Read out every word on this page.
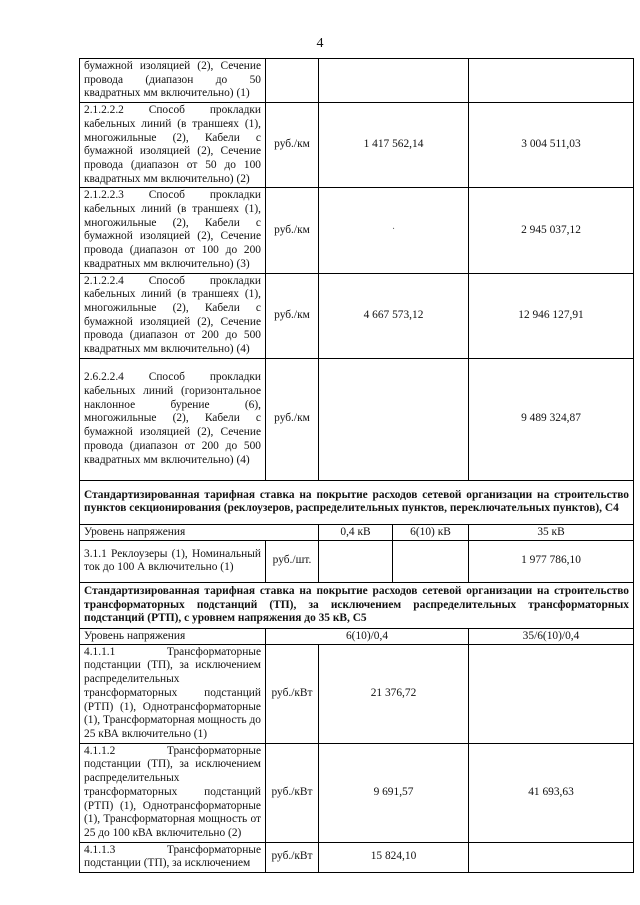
4
бумажной изоляцией (2), Сечение провода (диапазон до 50 квадратных мм включительно) (1)				
2.1.2.2.2 Способ прокладки кабельных линий (в траншеях (1), многожильные (2), Кабели с бумажной изоляцией (2), Сечение провода (диапазон от 50 до 100 квадратных мм включительно) (2)	руб./км	1 417 562,14		3 004 511,03
2.1.2.2.3 Способ прокладки кабельных линий (в траншеях (1), многожильные (2), Кабели с бумажной изоляцией (2), Сечение провода (диапазон от 100 до 200 квадратных мм включительно) (3)	руб./км	·		2 945 037,12
2.1.2.2.4 Способ прокладки кабельных линий (в траншеях (1), многожильные (2), Кабели с бумажной изоляцией (2), Сечение провода (диапазон от 200 до 500 квадратных мм включительно) (4)	руб./км	4 667 573,12		12 946 127,91
2.6.2.2.4 Способ прокладки кабельных линий (горизонтальное наклонное бурение (6), многожильные (2), Кабели с бумажной изоляцией (2), Сечение провода (диапазон от 200 до 500 квадратных мм включительно) (4)	руб./км			9 489 324,87
Стандартизированная тарифная ставка на покрытие расходов сетевой организации на строительство пунктов секционирования (реклоузеров, распределительных пунктов, переключательных пунктов), C4				
Уровень напряжения		0,4 кВ	6(10) кВ	35 кВ
3.1.1 Реклоузеры (1), Номинальный ток до 100 А включительно (1)	руб./шт.			1 977 786,10
Стандартизированная тарифная ставка на покрытие расходов сетевой организации на строительство трансформаторных подстанций (ТП), за исключением распределительных трансформаторных подстанций (РТП), с уровнем напряжения до 35 кВ, C5				
Уровень напряжения	6(10)/0,4			35/6(10)/0,4
4.1.1.1 Трансформаторные подстанции (ТП), за исключением распределительных трансформаторных подстанций (РТП) (1), Однотрансформаторные (1), Трансформаторная мощность до 25 кВА включительно (1)	руб./кВт	21 376,72		
4.1.1.2 Трансформаторные подстанции (ТП), за исключением распределительных трансформаторных подстанций (РТП) (1), Однотрансформаторные (1), Трансформаторная мощность от 25 до 100 кВА включительно (2)	руб./кВт	9 691,57		41 693,63
4.1.1.3 Трансформаторные подстанции (ТП), за исключением	руб./кВт	15 824,10		
